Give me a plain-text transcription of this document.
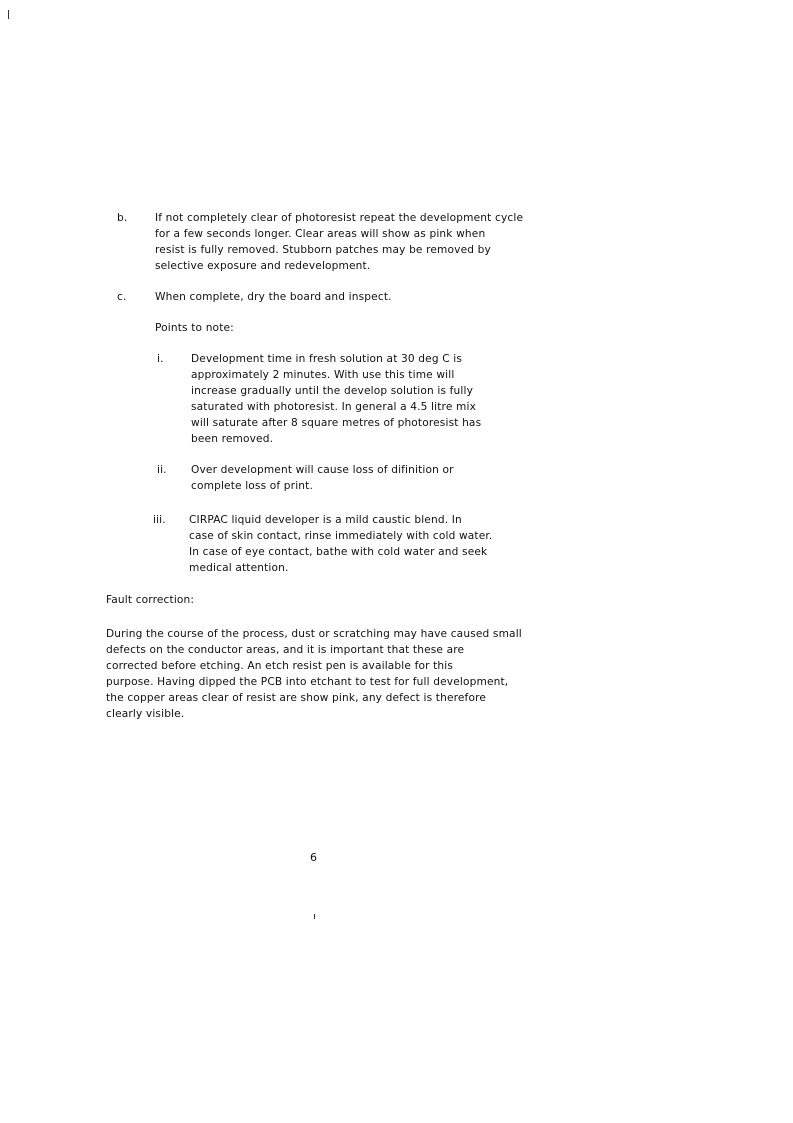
b.	If not completely clear of photoresist repeat the development cycle
for a few seconds longer. Clear areas will show as pink when
resist is fully removed. Stubborn patches may be removed by
selective exposure and redevelopment.
c.	When complete, dry the board and inspect.
Points to note:
i.	Development time in fresh solution at 30 deg C is
approximately 2 minutes. With use this time will
increase gradually until the develop solution is fully
saturated with photoresist. In general a 4.5 litre mix
will saturate after 8 square metres of photoresist has
been removed.
ii. Over development will cause loss of difinition or
complete loss of print.
iii. CIRPAC liquid developer is a mild caustic blend. In
case of skin contact, rinse immediately with cold water.
In case of eye contact, bathe with cold water and seek
medical attention.
Fault correction:
During the course of the process, dust or scratching may have caused small
defects on the conductor areas, and it is important that these are
corrected before etching. An etch resist pen is available for this
purpose. Having dipped the PCB into etchant to test for full development,
the copper areas clear of resist are show pink, any defect is therefore
clearly visible.
6
